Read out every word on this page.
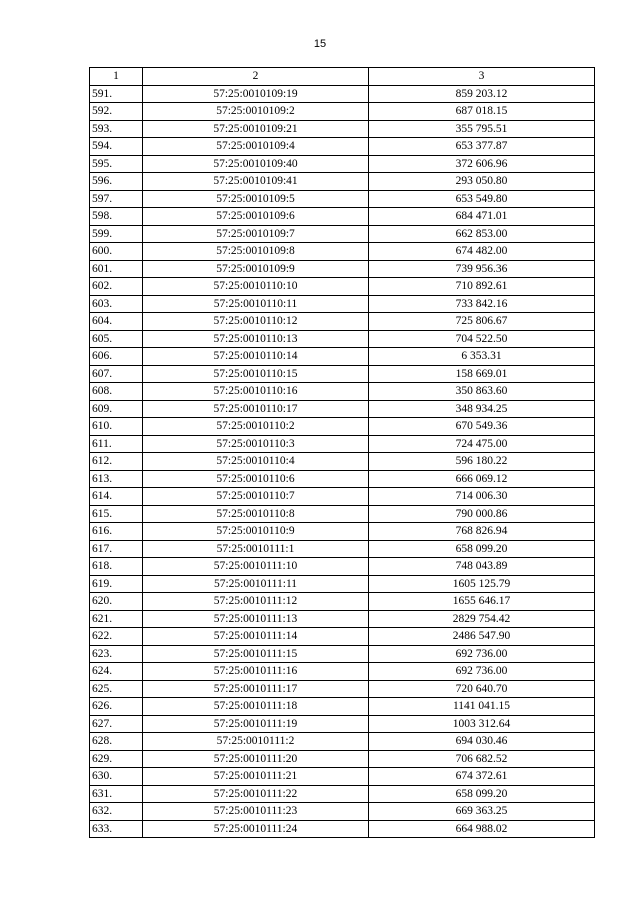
15
1	2	3
591.	57:25:0010109:19	859 203.12
592.	57:25:0010109:2	687 018.15
593.	57:25:0010109:21	355 795.51
594.	57:25:0010109:4	653 377.87
595.	57:25:0010109:40	372 606.96
596.	57:25:0010109:41	293 050.80
597.	57:25:0010109:5	653 549.80
598.	57:25:0010109:6	684 471.01
599.	57:25:0010109:7	662 853.00
600.	57:25:0010109:8	674 482.00
601.	57:25:0010109:9	739 956.36
602.	57:25:0010110:10	710 892.61
603.	57:25:0010110:11	733 842.16
604.	57:25:0010110:12	725 806.67
605.	57:25:0010110:13	704 522.50
606.	57:25:0010110:14	6 353.31
607.	57:25:0010110:15	158 669.01
608.	57:25:0010110:16	350 863.60
609.	57:25:0010110:17	348 934.25
610.	57:25:0010110:2	670 549.36
611.	57:25:0010110:3	724 475.00
612.	57:25:0010110:4	596 180.22
613.	57:25:0010110:6	666 069.12
614.	57:25:0010110:7	714 006.30
615.	57:25:0010110:8	790 000.86
616.	57:25:0010110:9	768 826.94
617.	57:25:0010111:1	658 099.20
618.	57:25:0010111:10	748 043.89
619.	57:25:0010111:11	1605 125.79
620.	57:25:0010111:12	1655 646.17
621.	57:25:0010111:13	2829 754.42
622.	57:25:0010111:14	2486 547.90
623.	57:25:0010111:15	692 736.00
624.	57:25:0010111:16	692 736.00
625.	57:25:0010111:17	720 640.70
626.	57:25:0010111:18	1141 041.15
627.	57:25:0010111:19	1003 312.64
628.	57:25:0010111:2	694 030.46
629.	57:25:0010111:20	706 682.52
630.	57:25:0010111:21	674 372.61
631.	57:25:0010111:22	658 099.20
632.	57:25:0010111:23	669 363.25
633.	57:25:0010111:24	664 988.02
